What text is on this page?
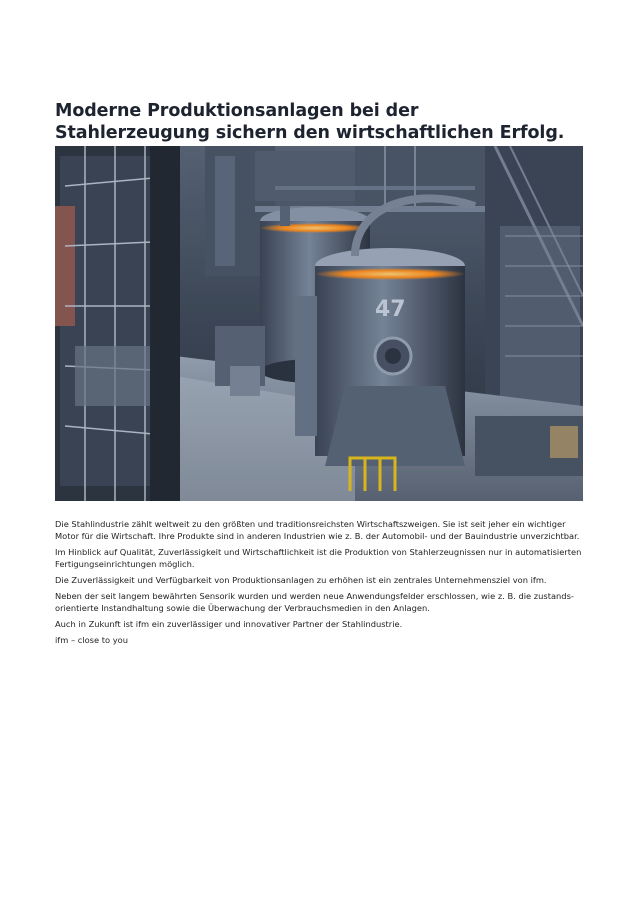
Moderne Produktionsanlagen bei der
Stahlerzeugung sichern den wirtschaftlichen Erfolg.
47

Die Stahlindustrie zählt weltweit zu den größten und traditionsreichsten Wirtschaftszweigen. Sie ist seit jeher ein wichtiger
Motor für die Wirtschaft. Ihre Produkte sind in anderen Industrien wie z. B. der Automobil- und der Bauindustrie unverzichtbar.

Im Hinblick auf Qualität, Zuverlässigkeit und Wirtschaftlichkeit ist die Produktion von Stahlerzeugnissen nur in automatisierten
Fertigungseinrichtungen möglich.

Die Zuverlässigkeit und Verfügbarkeit von Produktionsanlagen zu erhöhen ist ein zentrales Unternehmensziel von ifm.

Neben der seit langem bewährten Sensorik wurden und werden neue Anwendungsfelder erschlossen, wie z. B. die zustands-
orientierte Instandhaltung sowie die Überwachung der Verbrauchsmedien in den Anlagen.

Auch in Zukunft ist ifm ein zuverlässiger und innovativer Partner der Stahlindustrie.

ifm – close to you
